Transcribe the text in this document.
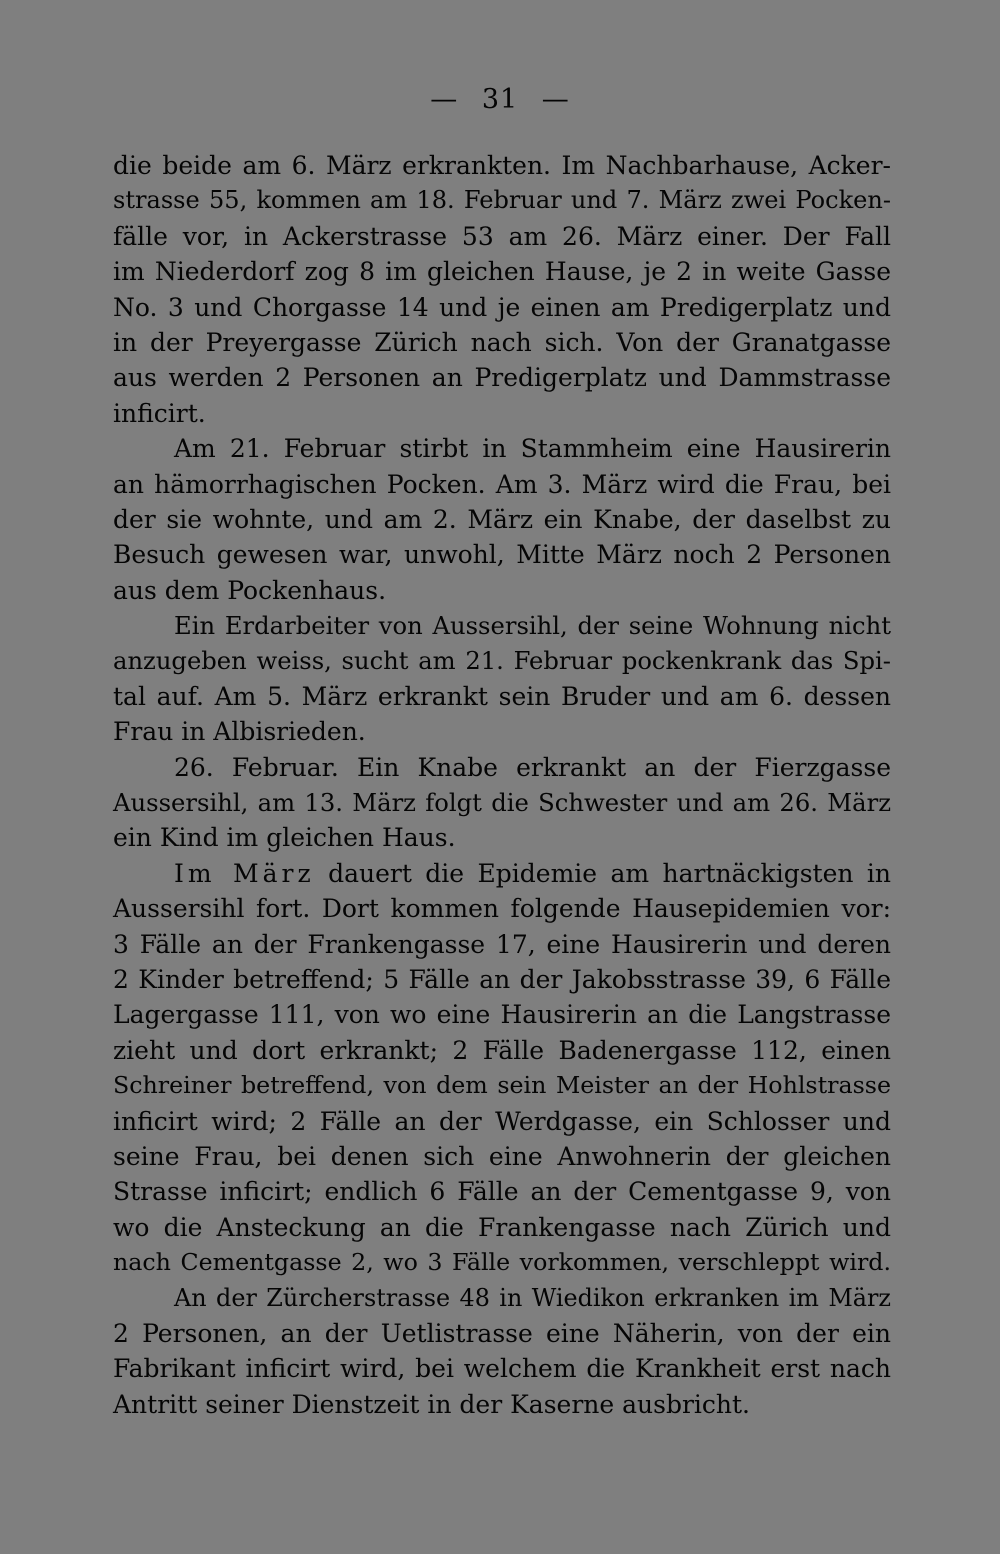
— 31 —
die beide am 6. März erkrankten. Im Nachbarhause, Acker-
strasse 55, kommen am 18. Februar und 7. März zwei Pocken-
fälle vor, in Ackerstrasse 53 am 26. März einer. Der Fall
im Niederdorf zog 8 im gleichen Hause, je 2 in weite Gasse
No. 3 und Chorgasse 14 und je einen am Predigerplatz und
in der Preyergasse Zürich nach sich. Von der Granatgasse
aus werden 2 Personen an Predigerplatz und Dammstrasse
inficirt.
Am 21. Februar stirbt in Stammheim eine Hausirerin
an hämorrhagischen Pocken. Am 3. März wird die Frau, bei
der sie wohnte, und am 2. März ein Knabe, der daselbst zu
Besuch gewesen war, unwohl, Mitte März noch 2 Personen
aus dem Pockenhaus.
Ein Erdarbeiter von Aussersihl, der seine Wohnung nicht
anzugeben weiss, sucht am 21. Februar pockenkrank das Spi-
tal auf. Am 5. März erkrankt sein Bruder und am 6. dessen
Frau in Albisrieden.
26. Februar. Ein Knabe erkrankt an der Fierzgasse
Aussersihl, am 13. März folgt die Schwester und am 26. März
ein Kind im gleichen Haus.
Im März dauert die Epidemie am hartnäckigsten in
Aussersihl fort. Dort kommen folgende Hausepidemien vor:
3 Fälle an der Frankengasse 17, eine Hausirerin und deren
2 Kinder betreffend; 5 Fälle an der Jakobsstrasse 39, 6 Fälle
Lagergasse 111, von wo eine Hausirerin an die Langstrasse
zieht und dort erkrankt; 2 Fälle Badenergasse 112, einen
Schreiner betreffend, von dem sein Meister an der Hohlstrasse
inficirt wird; 2 Fälle an der Werdgasse, ein Schlosser und
seine Frau, bei denen sich eine Anwohnerin der gleichen
Strasse inficirt; endlich 6 Fälle an der Cementgasse 9, von
wo die Ansteckung an die Frankengasse nach Zürich und
nach Cementgasse 2, wo 3 Fälle vorkommen, verschleppt wird.
An der Zürcherstrasse 48 in Wiedikon erkranken im März
2 Personen, an der Uetlistrasse eine Näherin, von der ein
Fabrikant inficirt wird, bei welchem die Krankheit erst nach
Antritt seiner Dienstzeit in der Kaserne ausbricht.
